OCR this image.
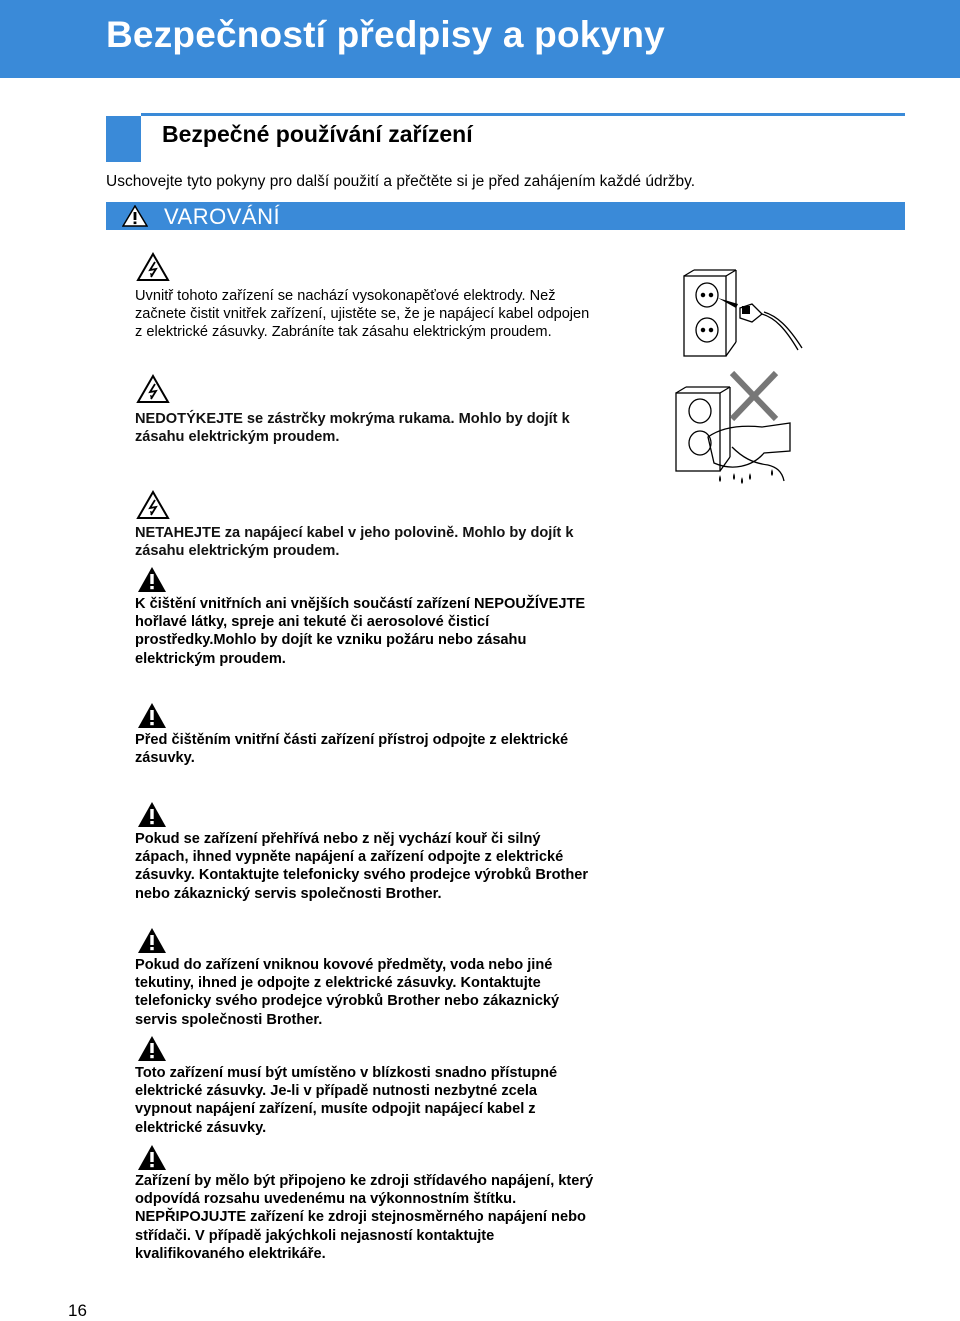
Bezpečností předpisy a pokyny
Bezpečné používání zařízení
Uschovejte tyto pokyny pro další použití a přečtěte si je před zahájením každé údržby.
VAROVÁNÍ
Uvnitř tohoto zařízení se nachází vysokonapěťové elektrody. Než začnete čistit vnitřek zařízení, ujistěte se, že je napájecí kabel odpojen z elektrické zásuvky. Zabráníte tak zásahu elektrickým proudem.
NEDOTÝKEJTE se zástrčky mokrýma rukama. Mohlo by dojít k zásahu elektrickým proudem.
NETAHEJTE za napájecí kabel v jeho polovině. Mohlo by dojít k zásahu elektrickým proudem.
K čištění vnitřních ani vnějších součástí zařízení NEPOUŽÍVEJTE hořlavé látky, spreje ani tekuté či aerosolové čisticí prostředky.Mohlo by dojít ke vzniku požáru nebo zásahu elektrickým proudem.
Před čištěním vnitřní části zařízení přístroj odpojte z elektrické zásuvky.
Pokud se zařízení přehřívá nebo z něj vychází kouř či silný zápach, ihned vypněte napájení a zařízení odpojte z elektrické zásuvky. Kontaktujte telefonicky svého prodejce výrobků Brother nebo zákaznický servis společnosti Brother.
Pokud do zařízení vniknou kovové předměty, voda nebo jiné tekutiny, ihned je odpojte z elektrické zásuvky. Kontaktujte telefonicky svého prodejce výrobků Brother nebo zákaznický servis společnosti Brother.
Toto zařízení musí být umístěno v blízkosti snadno přístupné elektrické zásuvky. Je-li v případě nutnosti nezbytné zcela vypnout napájení zařízení, musíte odpojit napájecí kabel z elektrické zásuvky.
Zařízení by mělo být připojeno ke zdroji střídavého napájení, který odpovídá rozsahu uvedenému na výkonnostním štítku. NEPŘIPOJUJTE zařízení ke zdroji stejnosměrného napájení nebo střídači. V případě jakýchkoli nejasností kontaktujte kvalifikovaného elektrikáře.
16
